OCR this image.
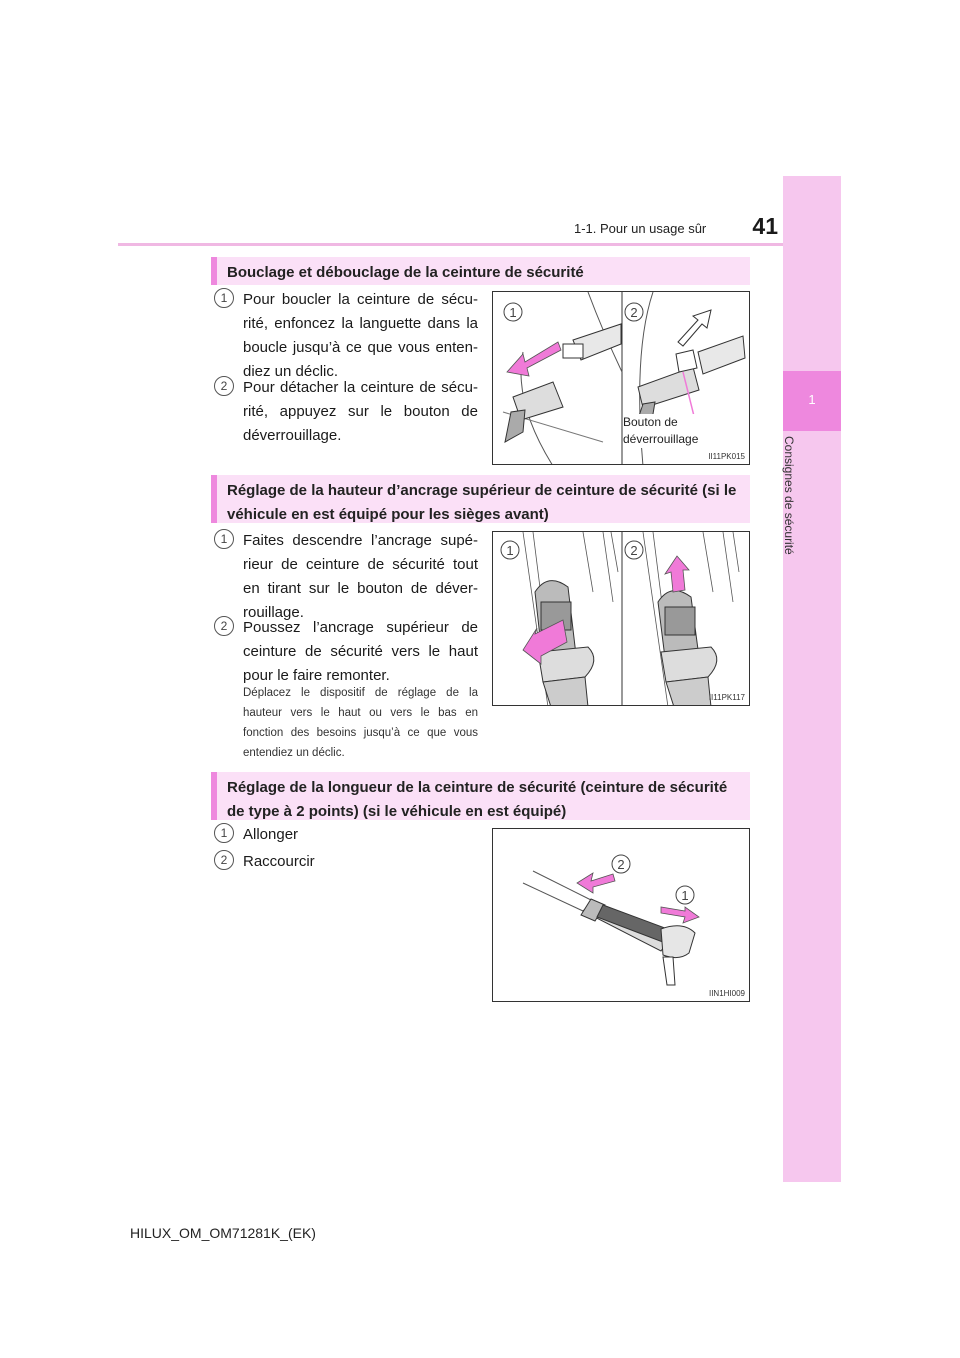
1-1. Pour un usage sûr	41
1
Consignes de sécurité
Bouclage et débouclage de la ceinture de sécurité
1	Pour boucler la ceinture de sécu-rité, enfoncez la languette dans la boucle jusqu’à ce que vous enten-diez un déclic.
2	Pour détacher la ceinture de sécu-rité, appuyez sur le bouton de déverrouillage.
1	2
Bouton de déverrouillage
II11PK015
Réglage de la hauteur d’ancrage supérieur de ceinture de sécurité (si le véhicule en est équipé pour les sièges avant)
1	Faites descendre l’ancrage supé-rieur de ceinture de sécurité tout en tirant sur le bouton de déver-rouillage.
2	Poussez l’ancrage supérieur de ceinture de sécurité vers le haut pour le faire remonter.
Déplacez le dispositif de réglage de la hauteur vers le haut ou vers le bas en fonction des besoins jusqu’à ce que vous entendiez un déclic.
1	2
II11PK117
Réglage de la longueur de la ceinture de sécurité (ceinture de sécurité de type à 2 points) (si le véhicule en est équipé)
1	Allonger
2	Raccourcir	2
1
IIN1HI009
HILUX_OM_OM71281K_(EK)
